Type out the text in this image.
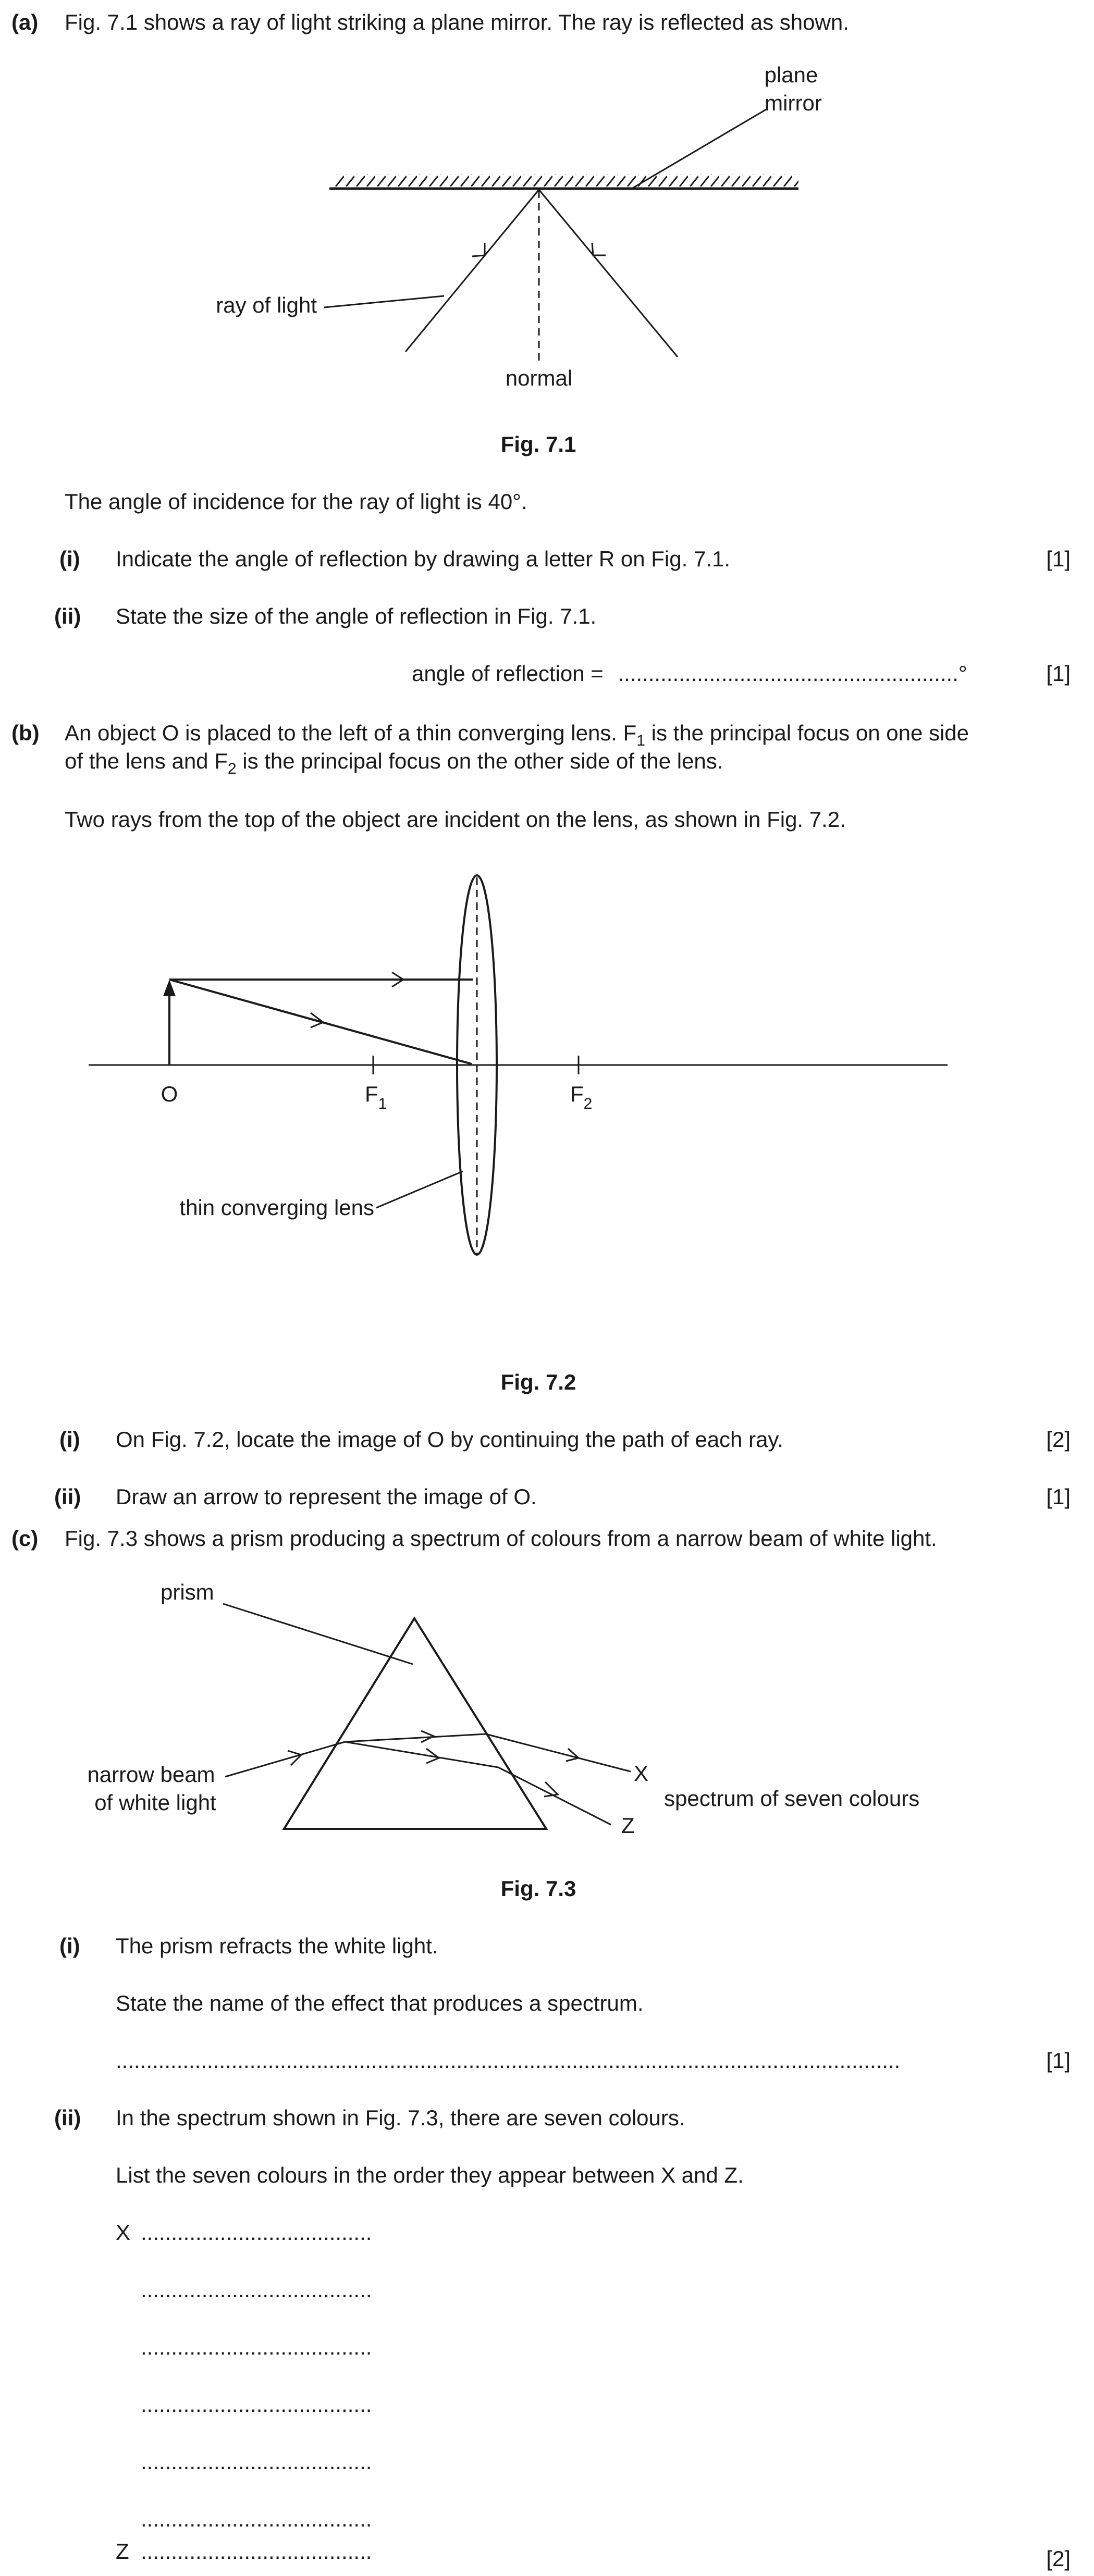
(a) Fig. 7.1 shows a ray of light striking a plane mirror. The ray is reflected as shown.
plane
mirror
ray of light
normal
Fig. 7.1
The angle of incidence for the ray of light is 40°.
(i) Indicate the angle of reflection by drawing a letter R on Fig. 7.1.	[1]
(ii) State the size of the angle of reflection in Fig. 7.1.
angle of reflection = ........................................................°	[1]
(b) An object O is placed to the left of a thin converging lens. $F_1$ is the principal focus on one side
of the lens and $F_2$ is the principal focus on the other side of the lens.
Two rays from the top of the object are incident on the lens, as shown in Fig. 7.2.
O	$F_1$	$F_2$
thin converging lens
Fig. 7.2
(i) On Fig. 7.2, locate the image of O by continuing the path of each ray.	[2]
(ii) Draw an arrow to represent the image of O.	[1]
(c) Fig. 7.3 shows a prism producing a spectrum of colours from a narrow beam of white light.
prism
narrow beam
of white light
X
Z
spectrum of seven colours
Fig. 7.3
(i) The prism refracts the white light.
State the name of the effect that produces a spectrum.
.................................................................................................................................	[1]
(ii) In the spectrum shown in Fig. 7.3, there are seven colours.
List the seven colours in the order they appear between X and Z.
X ......................................
......................................
......................................
......................................
......................................
......................................
Z ......................................	[2]
